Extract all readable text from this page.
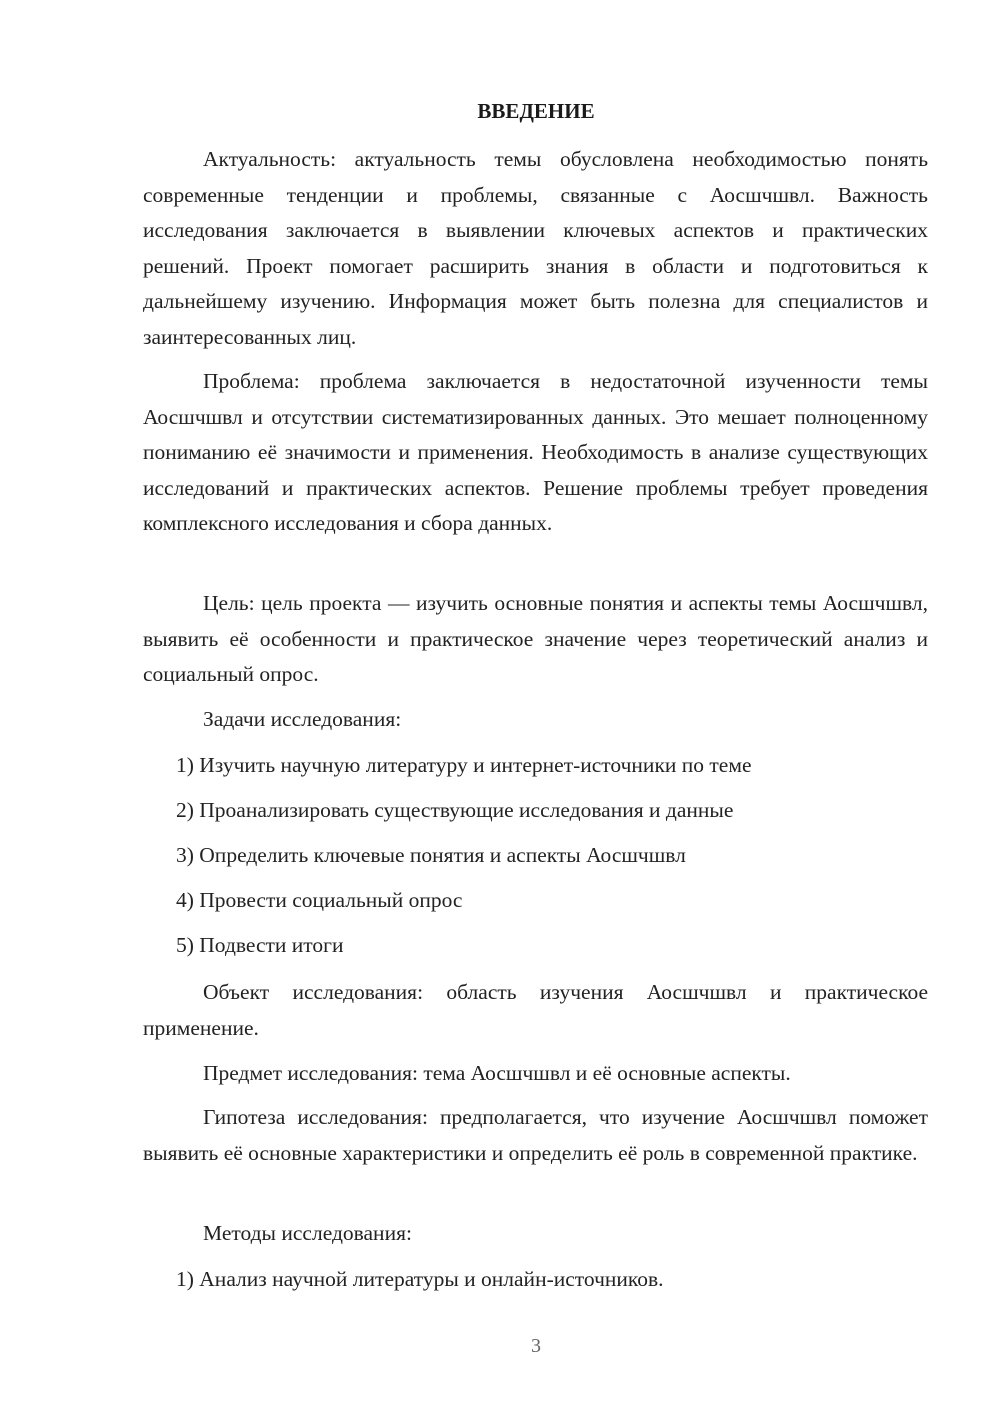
ВВЕДЕНИЕ

Актуальность: актуальность темы обусловлена необходимостью понять современные тенденции и проблемы, связанные с Аосшчшвл. Важность исследования заключается в выявлении ключевых аспектов и практических решений. Проект помогает расширить знания в области и подготовиться к дальнейшему изучению. Информация может быть полезна для специалистов и заинтересованных лиц.

Проблема: проблема заключается в недостаточной изученности темы Аосшчшвл и отсутствии систематизированных данных. Это мешает полноценному пониманию её значимости и применения. Необходимость в анализе существующих исследований и практических аспектов. Решение проблемы требует проведения комплексного исследования и сбора данных.

Цель: цель проекта — изучить основные понятия и аспекты темы Аосшчшвл, выявить её особенности и практическое значение через теоретический анализ и социальный опрос.

Задачи исследования:

1) Изучить научную литературу и интернет-источники по теме
2) Проанализировать существующие исследования и данные
3) Определить ключевые понятия и аспекты Аосшчшвл
4) Провести социальный опрос
5) Подвести итоги

Объект исследования: область изучения Аосшчшвл и практическое применение.

Предмет исследования: тема Аосшчшвл и её основные аспекты.

Гипотеза исследования: предполагается, что изучение Аосшчшвл поможет выявить её основные характеристики и определить её роль в современной практике.

Методы исследования:

1) Анализ научной литературы и онлайн-источников.
3
